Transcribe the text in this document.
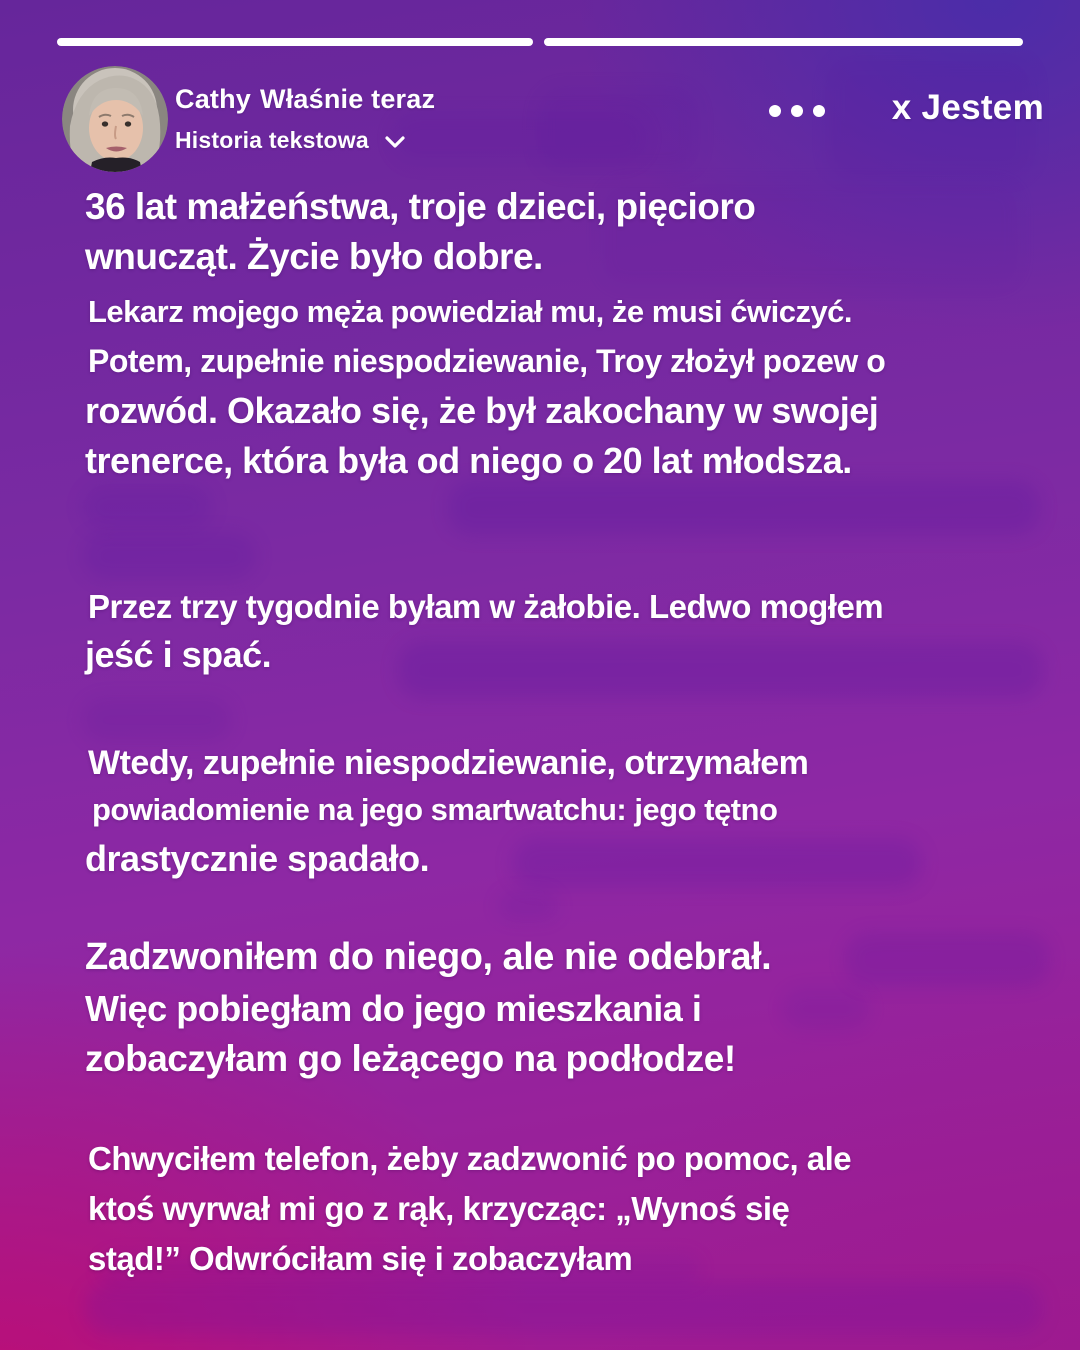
Cathy Właśnie teraz
Historia tekstowa
x Jestem
36 lat małżeństwa, troje dzieci, pięcioro
wnucząt. Życie było dobre.
Lekarz mojego męża powiedział mu, że musi ćwiczyć.
Potem, zupełnie niespodziewanie, Troy złożył pozew o
rozwód. Okazało się, że był zakochany w swojej
trenerce, która była od niego o 20 lat młodsza.
Przez trzy tygodnie byłam w żałobie. Ledwo mogłem
jeść i spać.
Wtedy, zupełnie niespodziewanie, otrzymałem
powiadomienie na jego smartwatchu: jego tętno
drastycznie spadało.
Zadzwoniłem do niego, ale nie odebrał.
Więc pobiegłam do jego mieszkania i
zobaczyłam go leżącego na podłodze!
Chwyciłem telefon, żeby zadzwonić po pomoc, ale
ktoś wyrwał mi go z rąk, krzycząc: „Wynoś się
stąd!” Odwróciłam się i zobaczyłam
